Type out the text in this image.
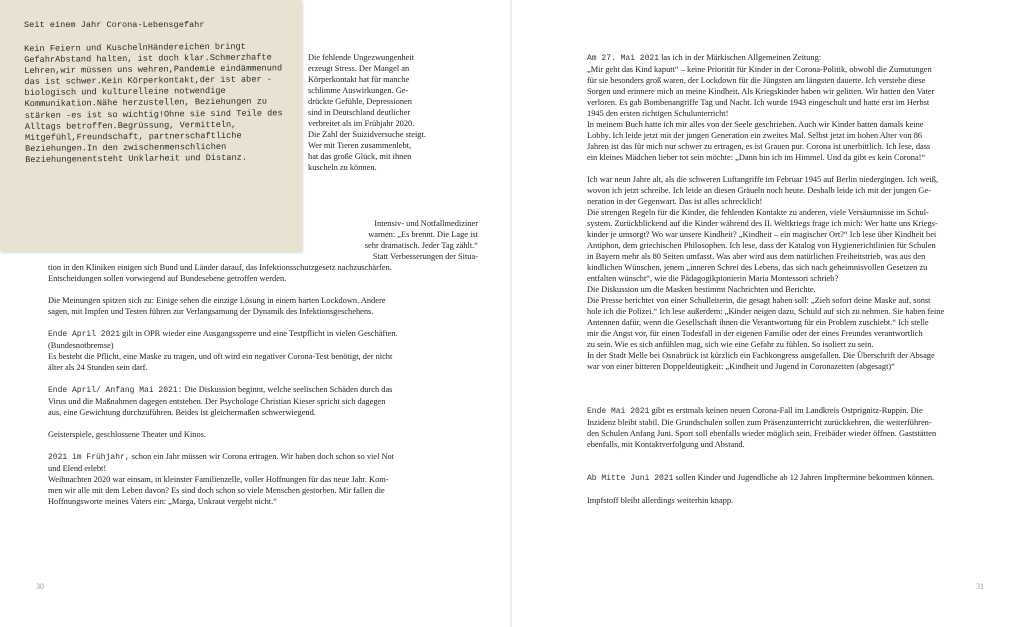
Seit einem Jahr Corona-Lebensgefahr
Kein Feiern und KuschelnHändereichen bringt GefahrAbstand halten, ist doch klar.Schmerzhafte Lehren,wir müssen uns wehren,Pandemie eindämmenund das ist schwer.Kein Körperkontakt,der ist aber - biologisch und kulturelleine notwendige Kommunikation.Nähe herzustellen, Beziehungen zu stärken -es ist so wichtig!Ohne sie sind Teile des Alltags betroffen.Begrüssung, Vermitteln, Mitgefühl,Freundschaft, partnerschaftliche Beziehungen.In den zwischenmenschlichen Beziehungenentsteht Unklarheit und Distanz.
Die fehlende Ungezwungenheit
erzeugt Stress. Der Mangel an
Körperkontakt hat für manche
schlimme Auswirkungen. Ge-
drückte Gefühle, Depressionen
sind in Deutschland deutlicher
verbreitet als im Frühjahr 2020.
Die Zahl der Suizidversuche steigt.
Wer mit Tieren zusammenlebt,
hat das große Glück, mit ihnen
kuscheln zu können.
Intensiv- und Notfallmediziner
warnen: „Es brennt. Die Lage ist
sehr dramatisch. Jeder Tag zählt.“
Statt Verbesserungen der Situa-
tion in den Kliniken einigen sich Bund und Länder darauf, das Infektionsschutzgesetz nachzuschärfen.
Entscheidungen sollen vorwiegend auf Bundesebene getroffen werden.
Die Meinungen spitzen sich zu: Einige sehen die einzige Lösung in einem harten Lockdown. Andere
sagen, mit Impfen und Testen führen zur Verlangsamung der Dynamik des Infektionsgeschehens.
Ende April 2021 gilt in OPR wieder eine Ausgangssperre und eine Testpflicht in vielen Geschäften.
(Bundesnotbremse)
Es besteht die Pflicht, eine Maske zu tragen, und oft wird ein negativer Corona-Test benötigt, der nicht
älter als 24 Stunden sein darf.
Ende April/ Anfang Mai 2021: Die Diskussion beginnt, welche seelischen Schäden durch das
Virus und die Maßnahmen dagegen entstehen. Der Psychologe Christian Kieser spricht sich dagegen
aus, eine Gewichtung durchzuführen. Beides ist gleichermaßen schwerwiegend.
Geisterspiele, geschlossene Theater und Kinos.
2021 im Frühjahr, schon ein Jahr müssen wir Corona ertragen. Wir haben doch schon so viel Not
und Elend erlebt!
Weihnachten 2020 war einsam, in kleinster Familienzelle, voller Hoffnungen für das neue Jahr. Kom-
men wir alle mit dem Leben davon? Es sind doch schon so viele Menschen gestorben. Mir fallen die
Hoffnungsworte meines Vaters ein: „Marga, Unkraut vergeht nicht.“
30
Am 27. Mai 2021 las ich in der Märkischen Allgemeinen Zeitung:
„Mir geht das Kind kaputt“ – keine Priorität für Kinder in der Corona-Politik, obwohl die Zumutungen
für sie besonders groß waren, der Lockdown für die Jüngsten am längsten dauerte. Ich verstehe diese
Sorgen und erinnere mich an meine Kindheit. Als Kriegskinder haben wir gelitten. Wir hatten den Vater
verloren. Es gab Bombenangriffe Tag und Nacht. Ich wurde 1943 eingeschult und hatte erst im Herbst
1945 den ersten richtigen Schulunterricht!
In meinem Buch hatte ich mir alles von der Seele geschrieben. Auch wir Kinder hatten damals keine
Lobby. Ich leide jetzt mit der jungen Generation ein zweites Mal. Selbst jetzt im hohen Alter von 86
Jahren ist das für mich nur schwer zu ertragen, es ist Grauen pur. Corona ist unerbittlich. Ich lese, dass
ein kleines Mädchen lieber tot sein möchte: „Dann bin ich im Himmel. Und da gibt es kein Corona!“
Ich war neun Jahre alt, als die schweren Luftangriffe im Februar 1945 auf Berlin niedergingen. Ich weiß,
wovon ich jetzt schreibe. Ich leide an diesen Gräueln noch heute. Deshalb leide ich mit der jungen Ge-
neration in der Gegenwart. Das ist alles schrecklich!
Die strengen Regeln für die Kinder, die fehlenden Kontakte zu anderen, viele Versäumnisse im Schul-
system. Zurückblickend auf die Kinder während des II. Weltkriegs frage ich mich: Wer hatte uns Kriegs-
kinder je umsorgt? Wo war unsere Kindheit? „Kindheit – ein magischer Ort?“ Ich lese über Kindheit bei
Antiphon, dem griechischen Philosophen. Ich lese, dass der Katalog von Hygienerichtlinien für Schulen
in Bayern mehr als 80 Seiten umfasst. Was aber wird aus dem natürlichen Freiheitstrieb, was aus den
kindlichen Wünschen, jenem „inneren Schrei des Lebens, das sich nach geheimnisvollen Gesetzen zu
entfalten wünscht“, wie die Pädagogikpionierin Maria Montessori schrieb?
Die Diskussion um die Masken bestimmt Nachrichten und Berichte.
Die Presse berichtet von einer Schulleiterin, die gesagt haben soll: „Zieh sofort deine Maske auf, sonst
hole ich die Polizei.“ Ich lese außerdem: „Kinder neigen dazu, Schuld auf sich zu nehmen. Sie haben feine
Antennen dafür, wenn die Gesellschaft ihnen die Verantwortung für ein Problem zuschiebt.“ Ich stelle
mir die Angst vor, für einen Todesfall in der eigenen Familie oder der eines Freundes verantwortlich
zu sein. Wie es sich anfühlen mag, sich wie eine Gefahr zu fühlen. So isoliert zu sein.
In der Stadt Melle bei Osnabrück ist kürzlich ein Fachkongress ausgefallen. Die Überschrift der Absage
war von einer bitteren Doppeldeutigkeit: „Kindheit und Jugend in Coronazeiten (abgesagt)“
Ende Mai 2021 gibt es erstmals keinen neuen Corona-Fall im Landkreis Ostprignitz-Ruppin. Die
Inzidenz bleibt stabil. Die Grundschulen sollen zum Präsenzunterricht zurückkehren, die weiterführen-
den Schulen Anfang Juni. Sport soll ebenfalls wieder möglich sein, Freibäder wieder öffnen. Gaststätten
ebenfalls, mit Kontaktverfolgung und Abstand.
Ab Mitte Juni 2021 sollen Kinder und Jugendliche ab 12 Jahren Impftermine bekommen können.
Impfstoff bleibt allerdings weiterhin knapp.
31
